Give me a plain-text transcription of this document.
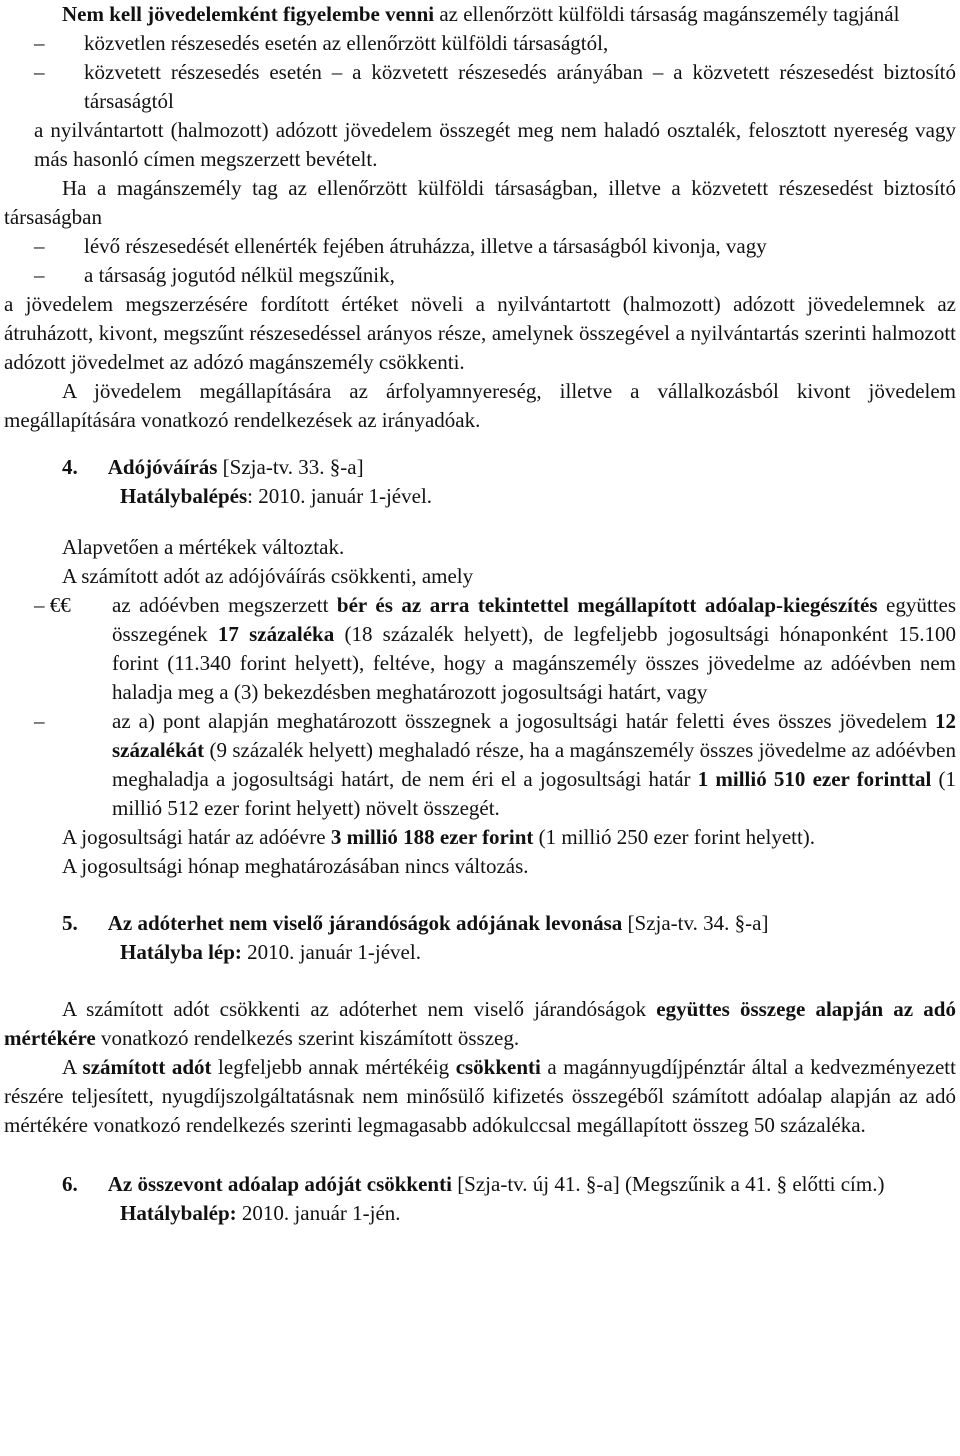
Nem kell jövedelemként figyelembe venni az ellenőrzött külföldi társaság magánszemély tagjánál

– közvetlen részesedés esetén az ellenőrzött külföldi társaságtól,

– közvetett részesedés esetén – a közvetett részesedés arányában – a közvetett részesedést biztosító társaságtól

a nyilvántartott (halmozott) adózott jövedelem összegét meg nem haladó osztalék, felosztott nyereség vagy más hasonló címen megszerzett bevételt.

Ha a magánszemély tag az ellenőrzött külföldi társaságban, illetve a közvetett részesedést biztosító társaságban

– lévő részesedését ellenérték fejében átruházza, illetve a társaságból kivonja, vagy

– a társaság jogutód nélkül megszűnik,

a jövedelem megszerzésére fordított értéket növeli a nyilvántartott (halmozott) adózott jövedelemnek az átruházott, kivont, megszűnt részesedéssel arányos része, amelynek összegével a nyilvántartás szerinti halmozott adózott jövedelmet az adózó magánszemély csökkenti.

A jövedelem megállapítására az árfolyamnyereség, illetve a vállalkozásból kivont jövedelem megállapítására vonatkozó rendelkezések az irányadóak.

4. Adójóváírás [Szja-tv. 33. §-a]

Hatálybalépés: 2010. január 1-jével.

Alapvetően a mértékek változtak.

A számított adót az adójóváírás csökkenti, amely

– €€ az adóévben megszerzett bér és az arra tekintettel megállapított adóalap-kiegészítés együttes összegének 17 százaléka (18 százalék helyett), de legfeljebb jogosultsági hónaponként 15.100 forint (11.340 forint helyett), feltéve, hogy a magánszemély összes jövedelme az adóévben nem haladja meg a (3) bekezdésben meghatározott jogosultsági határt, vagy

– az a) pont alapján meghatározott összegnek a jogosultsági határ feletti éves összes jövedelem 12 százalékát (9 százalék helyett) meghaladó része, ha a magánszemély összes jövedelme az adóévben meghaladja a jogosultsági határt, de nem éri el a jogosultsági határ 1 millió 510 ezer forinttal (1 millió 512 ezer forint helyett) növelt összegét.

A jogosultsági határ az adóévre 3 millió 188 ezer forint (1 millió 250 ezer forint helyett).

A jogosultsági hónap meghatározásában nincs változás.

5. Az adóterhet nem viselő járandóságok adójának levonása [Szja-tv. 34. §-a]

Hatályba lép: 2010. január 1-jével.

A számított adót csökkenti az adóterhet nem viselő járandóságok együttes összege alapján az adó mértékére vonatkozó rendelkezés szerint kiszámított összeg.

A számított adót legfeljebb annak mértékéig csökkenti a magánnyugdíjpénztár által a kedvezményezett részére teljesített, nyugdíjszolgáltatásnak nem minősülő kifizetés összegéből számított adóalap alapján az adó mértékére vonatkozó rendelkezés szerinti legmagasabb adókulccsal megállapított összeg 50 százaléka.

6. Az összevont adóalap adóját csökkenti [Szja-tv. új 41. §-a] (Megszűnik a 41. § előtti cím.)

Hatálybalép: 2010. január 1-jén.
